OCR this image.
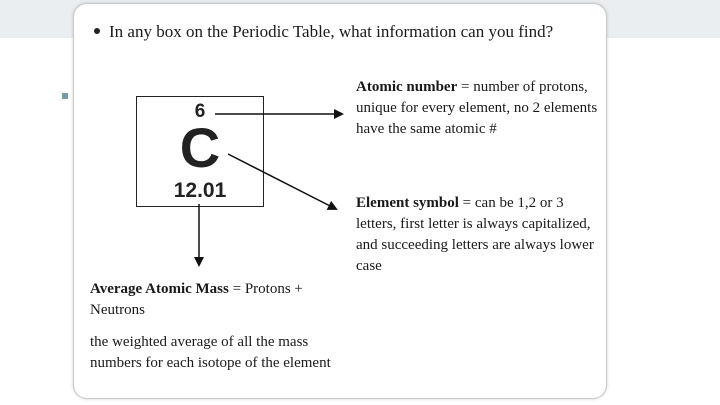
In any box on the Periodic Table, what information can you find?
6
C
12.01
Atomic number = number of protons, unique for every element, no 2 elements have the same atomic #
Element symbol = can be 1,2 or 3 letters, first letter is always capitalized, and succeeding letters are always lower case
Average Atomic Mass = Protons + Neutrons
the weighted average of all the mass numbers for each isotope of the element
